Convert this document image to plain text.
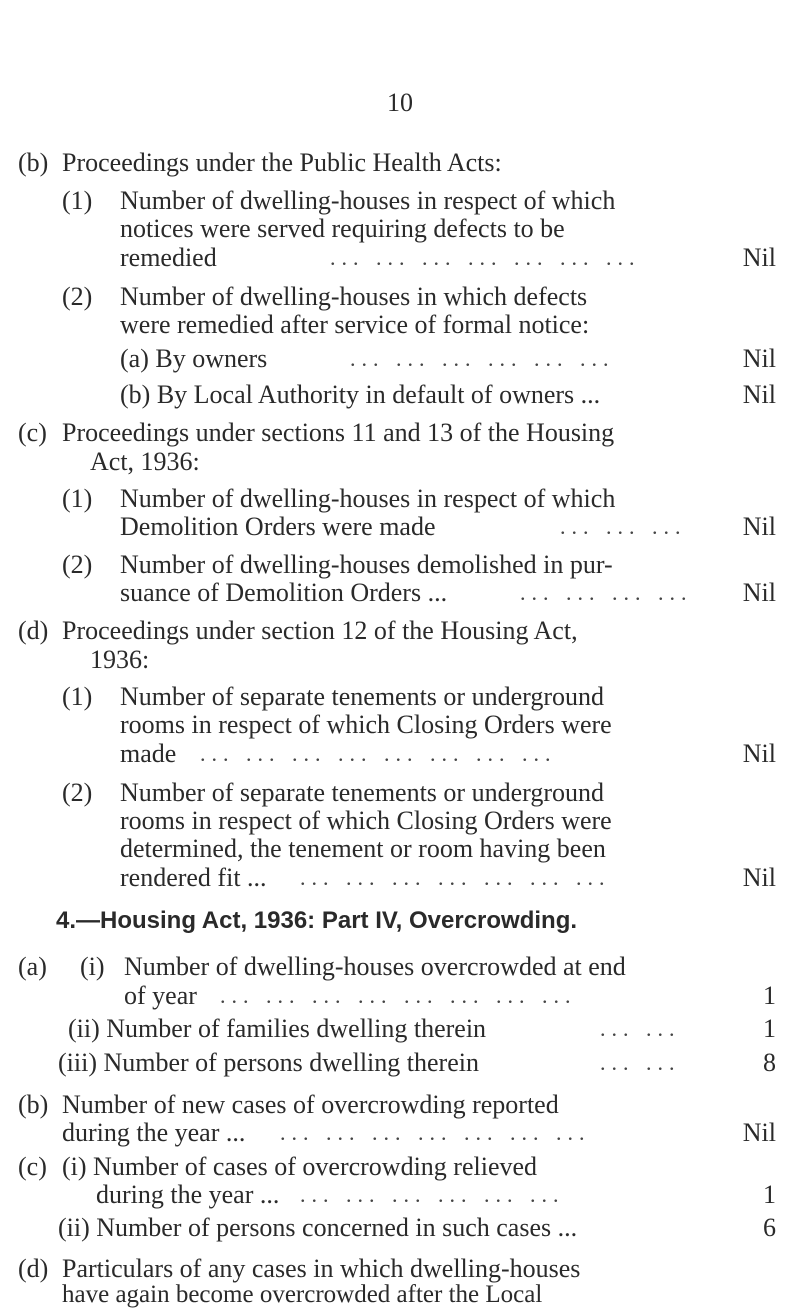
10
(b) Proceedings under the Public Health Acts:
(1) Number of dwelling-houses in respect of which
notices were served requiring defects to be
remedied	... ... ... ... ... ... ...	Nil
(2) Number of dwelling-houses in which defects
were remedied after service of formal notice:
(a) By owners	... ... ... ... ... ...	Nil
(b) By Local Authority in default of owners ...	Nil
(c) Proceedings under sections 11 and 13 of the Housing
Act, 1936:
(1) Number of dwelling-houses in respect of which
Demolition Orders were made	... ... ... Nil
(2) Number of dwelling-houses demolished in pur-
suance of Demolition Orders ...	... ... ... ... Nil
(d) Proceedings under section 12 of the Housing Act,
1936:
(1) Number of separate tenements or underground
rooms in respect of which Closing Orders were
made ... ... ... ... ... ... ... ...	Nil
(2) Number of separate tenements or underground
rooms in respect of which Closing Orders were
determined, the tenement or room having been
rendered fit ... ... ... ... ... ... ... ...	Nil
4.—Housing Act, 1936: Part IV, Overcrowding.
(a) (i) Number of dwelling-houses overcrowded at end
of year ... ... ... ... ... ... ... ...	1
(ii) Number of families dwelling therein	... ...	1
(iii) Number of persons dwelling therein	... ...	8
(b) Number of new cases of overcrowding reported
during the year ... ... ... ... ... ... ... ...	Nil
(c) (i) Number of cases of overcrowding relieved
during the year ... ... ... ... ... ... ...	1
(ii) Number of persons concerned in such cases ...	6
(d) Particulars of any cases in which dwelling-houses
have again become overcrowded after the Local
